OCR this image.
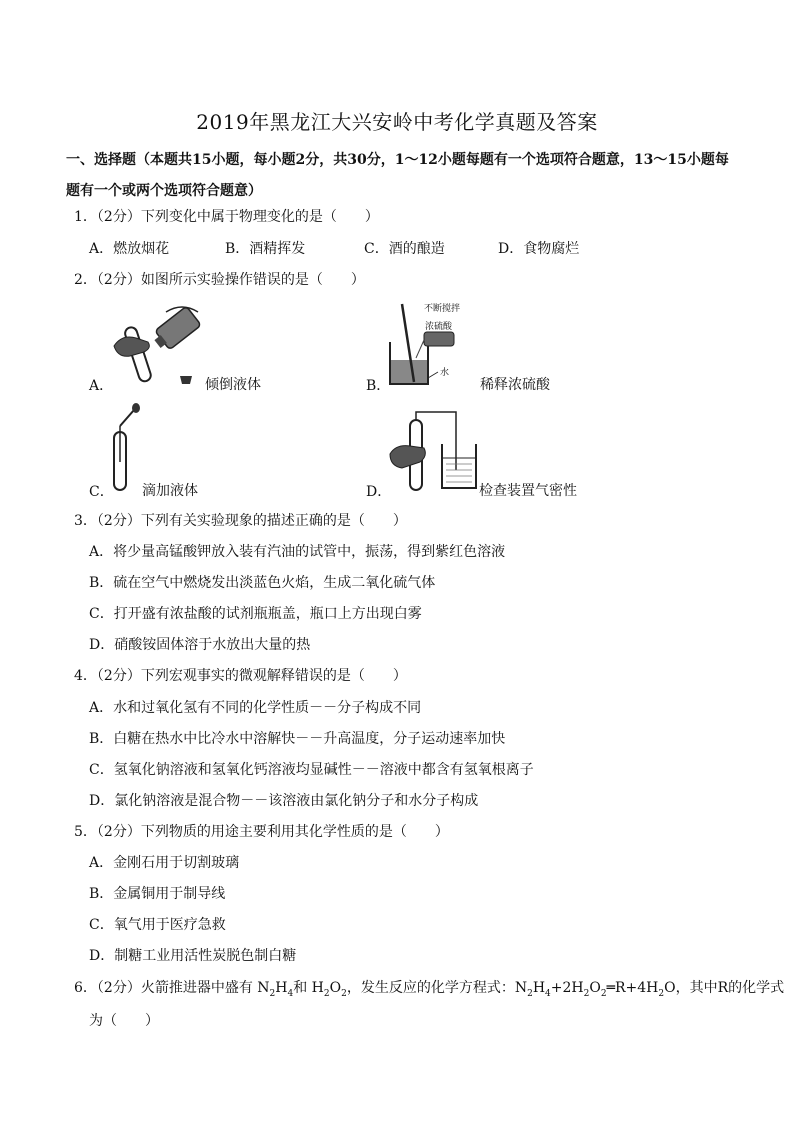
2019年黑龙江大兴安岭中考化学真题及答案
一、选择题（本题共15小题，每小题2分，共30分，1～12小题每题有一个选项符合题意，13～15小题每题有一个或两个选项符合题意）
1．（2分）下列变化中属于物理变化的是（　　）
A．燃放烟花	B．酒精挥发	C．酒的酿造	D．食物腐烂
2．（2分）如图所示实验操作错误的是（　　）
A．	倾倒液体
不断搅拌
浓硫酸
水
B．	稀释浓硫酸
C． 滴加液体	D．	检查装置气密性
3．（2分）下列有关实验现象的描述正确的是（　　）
A．将少量高锰酸钾放入装有汽油的试管中，振荡，得到紫红色溶液
B．硫在空气中燃烧发出淡蓝色火焰，生成二氧化硫气体
C．打开盛有浓盐酸的试剂瓶瓶盖，瓶口上方出现白雾
D．硝酸铵固体溶于水放出大量的热
4．（2分）下列宏观事实的微观解释错误的是（　　）
A．水和过氧化氢有不同的化学性质－－分子构成不同
B．白糖在热水中比冷水中溶解快－－升高温度，分子运动速率加快
C．氢氧化钠溶液和氢氧化钙溶液均显碱性－－溶液中都含有氢氧根离子
D．氯化钠溶液是混合物－－该溶液由氯化钠分子和水分子构成
5．（2分）下列物质的用途主要利用其化学性质的是（　　）
A．金刚石用于切割玻璃
B．金属铜用于制导线
C．氧气用于医疗急救
D．制糖工业用活性炭脱色制白糖
6．（2分）火箭推进器中盛有 $N_2H_4$和 $H_2O_2$，发生反应的化学方程式：$N_2H_4+2H_2O_2═R+4H_2O$，其中R的化学式
为（　　）
